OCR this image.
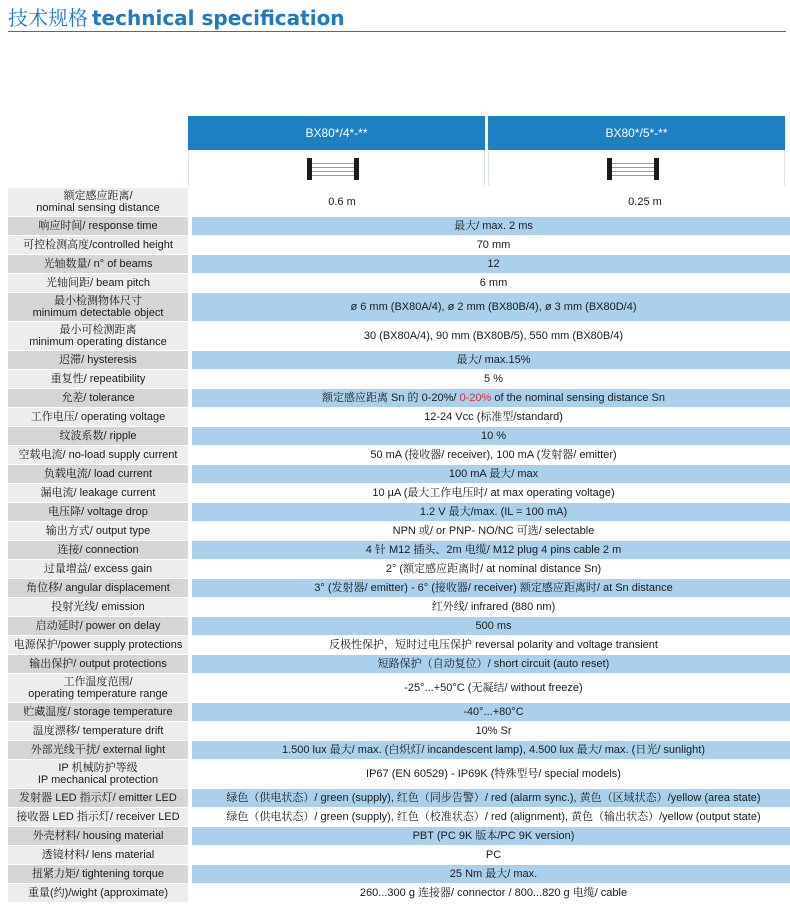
技术规格 technical specification
BX80*/4*-**	BX80*/5*-**
额定感应距离/
nominal sensing distance	0.6 m		0.25 m
响应时间/ response time	最大/ max. 2 ms		
可控检测高度/controlled height	70 mm		
光轴数量/ n° of beams	12		
光轴间距/ beam pitch	6 mm		

最小检测物体尺寸
minimum detectable object	ø 6 mm (BX80A/4), ø 2 mm (BX80B/4), ø 3 mm (BX80D/4)		

最小可检测距离
minimum operating distance	30 (BX80A/4), 90 mm (BX80B/5), 550 mm (BX80B/4)		
迟滞/ hysteresis	最大/ max.15%		
重复性/ repeatibility	5 %		
允差/ tolerance	额定感应距离 Sn 的 0-20%/ 0-20% of the nominal sensing distance Sn		
工作电压/ operating voltage	12-24 Vcc (标准型/standard)		
纹波系数/ ripple	10 %		
空载电流/ no-load supply current	50 mA (接收器/ receiver), 100 mA (发射器/ emitter)		
负载电流/ load current	100 mA 最大/ max		
漏电流/ leakage current	10 µA (最大工作电压时/ at max operating voltage)		
电压降/ voltage drop	1.2 V 最大/max. (IL = 100 mA)		
输出方式/ output type	NPN 或/ or PNP- NO/NC 可选/ selectable		
连接/ connection	4 针 M12 插头、2m 电缆/ M12 plug 4 pins cable 2 m		
过量增益/ excess gain	2° (额定感应距离时/ at nominal distance Sn)		
角位移/ angular displacement	3° (发射器/ emitter) - 6° (接收器/ receiver) 额定感应距离时/ at Sn distance		
投射光线/ emission	红外线/ infrared (880 nm)		
启动延时/ power on delay	500 ms		
电源保护/power supply protections	反极性保护，短时过电压保护 reversal polarity and voltage transient		
输出保护/ output protections	短路保护（自动复位）/ short circuit (auto reset)		

工作温度范围/
operating temperature range	-25°...+50°C (无凝结/ without freeze)		
贮藏温度/ storage temperature	-40°...+80°C		
温度漂移/ temperature drift	10% Sr		
外部光线干扰/ external light	1.500 lux 最大/ max. (白炽灯/ incandescent lamp), 4.500 lux 最大/ max. (日光/ sunlight)		

IP 机械防护等级
IP mechanical protection	IP67 (EN 60529) - IP69K (特殊型号/ special models)		
发射器 LED 指示灯/ emitter LED	绿色（供电状态）/ green (supply), 红色（同步告警）/ red (alarm sync.), 黄色（区域状态）/yellow (area state)		
接收器 LED 指示灯/ receiver LED	绿色（供电状态）/ green (supply), 红色（校准状态）/ red (alignment), 黄色（输出状态）/yellow (output state)		
外壳材料/ housing material	PBT (PC 9K 版本/PC 9K version)		
透镜材料/ lens material	PC		
扭紧力矩/ tightening torque	25 Nm 最大/ max.		
重量(约)/wight (approximate)	260...300 g 连接器/ connector / 800...820 g 电缆/ cable		
